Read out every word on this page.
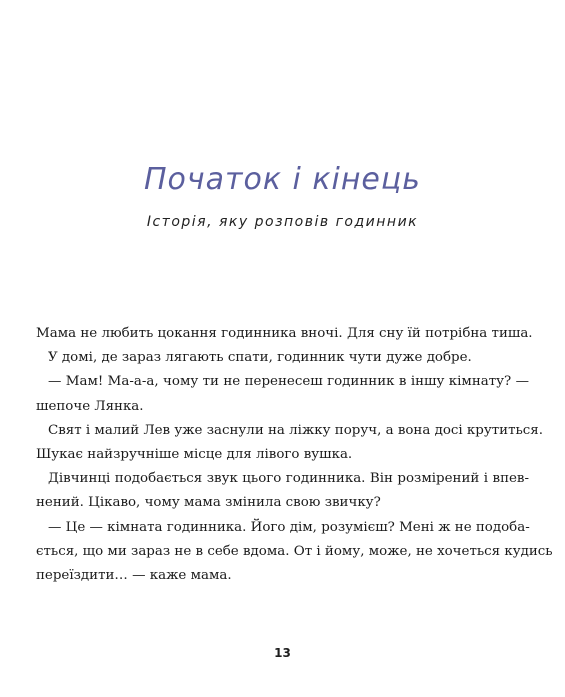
Початок і кінець
Історія, яку розповів годинник
Мама не любить цокання годинника вночі. Для сну їй потрібна тиша.
У домі, де зараз лягають спати, годинник чути дуже добре.
— Мам! Ма-а-а, чому ти не перенесеш годинник в іншу кімнату? —
шепоче Лянка.
Свят і малий Лев уже заснули на ліжку поруч, а вона досі крутиться.
Шукає найзручніше місце для лівого вушка.
Дівчинці подобається звук цього годинника. Він розмірений і впев-
нений. Цікаво, чому мама змінила свою звичку?
— Це — кімната годинника. Його дім, розумієш? Мені ж не подоба-
ється, що ми зараз не в себе вдома. От і йому, може, не хочеться кудись
переїздити… — каже мама.
13
